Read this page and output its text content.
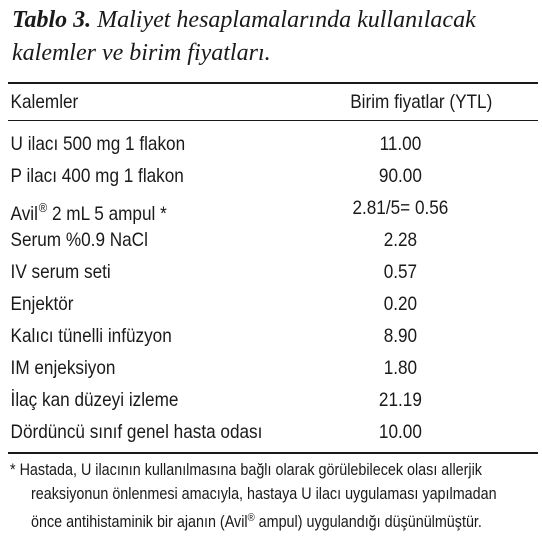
Tablo 3. Maliyet hesaplamalarında kullanılacak
kalemler ve birim fiyatları.
Kalemler	Birim fiyatlar (YTL)
U ilacı 500 mg 1 flakon	11.00
P ilacı 400 mg 1 flakon	90.00
Avil® 2 mL 5 ampul *	2.81/5= 0.56
Serum %0.9 NaCl	2.28
IV serum seti	0.57
Enjektör	0.20
Kalıcı tünelli infüzyon	8.90
IM enjeksiyon	1.80
İlaç kan düzeyi izleme	21.19
Dördüncü sınıf genel hasta odası	10.00
* Hastada, U ilacının kullanılmasına bağlı olarak görülebilecek olası allerjik
reaksiyonun önlenmesi amacıyla, hastaya U ilacı uygulaması yapılmadan
önce antihistaminik bir ajanın (Avil® ampul) uygulandığı düşünülmüştür.
